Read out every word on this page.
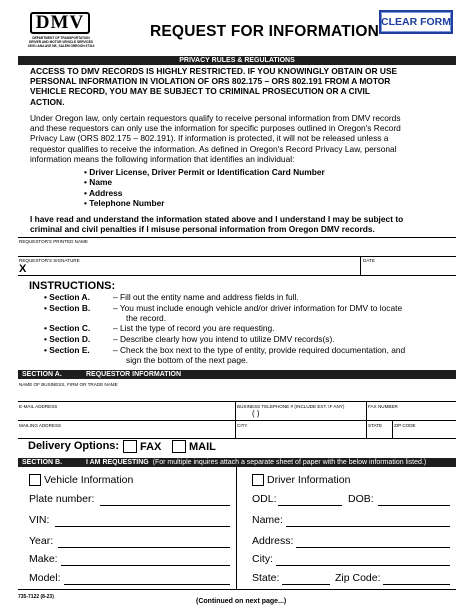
DMV
DEPARTMENT OF TRANSPORTATION
DRIVER AND MOTOR VEHICLE SERVICES
1905 LANA AVE NE, SALEM OREGON 97314
REQUEST FOR INFORMATION
CLEAR FORM
PRIVACY RULES & REGULATIONS
ACCESS TO DMV RECORDS IS HIGHLY RESTRICTED. IF YOU KNOWINGLY OBTAIN OR USE
PERSONAL INFORMATION IN VIOLATION OF ORS 802.175 – ORS 802.191 FROM A MOTOR
VEHICLE RECORD, YOU MAY BE SUBJECT TO CRIMINAL PROSECUTION OR A CIVIL
ACTION.
Under Oregon law, only certain requestors qualify to receive personal information from DMV records
and these requestors can only use the information for specific purposes outlined in Oregon's Record
Privacy Law (ORS 802.175 – 802.191). If information is protected, it will not be released unless a
requestor qualifies to receive the information. As defined in Oregon's Record Privacy Law, personal
information means the following information that identifies an individual:
• Driver License, Driver Permit or Identification Card Number
• Name
• Address
• Telephone Number
I have read and understand the information stated above and I understand I may be subject to
criminal and civil penalties if I misuse personal information from Oregon DMV records.
REQUESTOR'S PRINTED NAME
REQUESTOR'S SIGNATURE
X
DATE
INSTRUCTIONS:
• Section A.	– Fill out the entity name and address fields in full.
• Section B.	– You must include enough vehicle and/or driver information for DMV to locate
the record.
• Section C.	– List the type of record you are requesting.
• Section D.	– Describe clearly how you intend to utilize DMV records(s).
• Section E.	– Check the box next to the type of entity, provide required documentation, and
sign the bottom of the next page.
SECTION A.	REQUESTOR INFORMATION
NAME OF BUSINESS, FIRM OR TRADE NAME
E-MAIL ADDRESS	BUSINESS TELEPHONE # (INCLUDE EXT. IF ANY)
( )
FAX NUMBER
MAILING ADDRESS	CITY	STATE	ZIP CODE
Delivery Options: FAX	MAIL
SECTION B.	I AM REQUESTING (For multiple inquires attach a separate sheet of paper with the below information listed.)
Vehicle Information
Plate number:
VIN:
Year:
Make:
Model:
Driver Information
ODL:	DOB:
Name:
Address:
City:
State:	Zip Code:
735-7122 (8-23)
(Continued on next page...)
